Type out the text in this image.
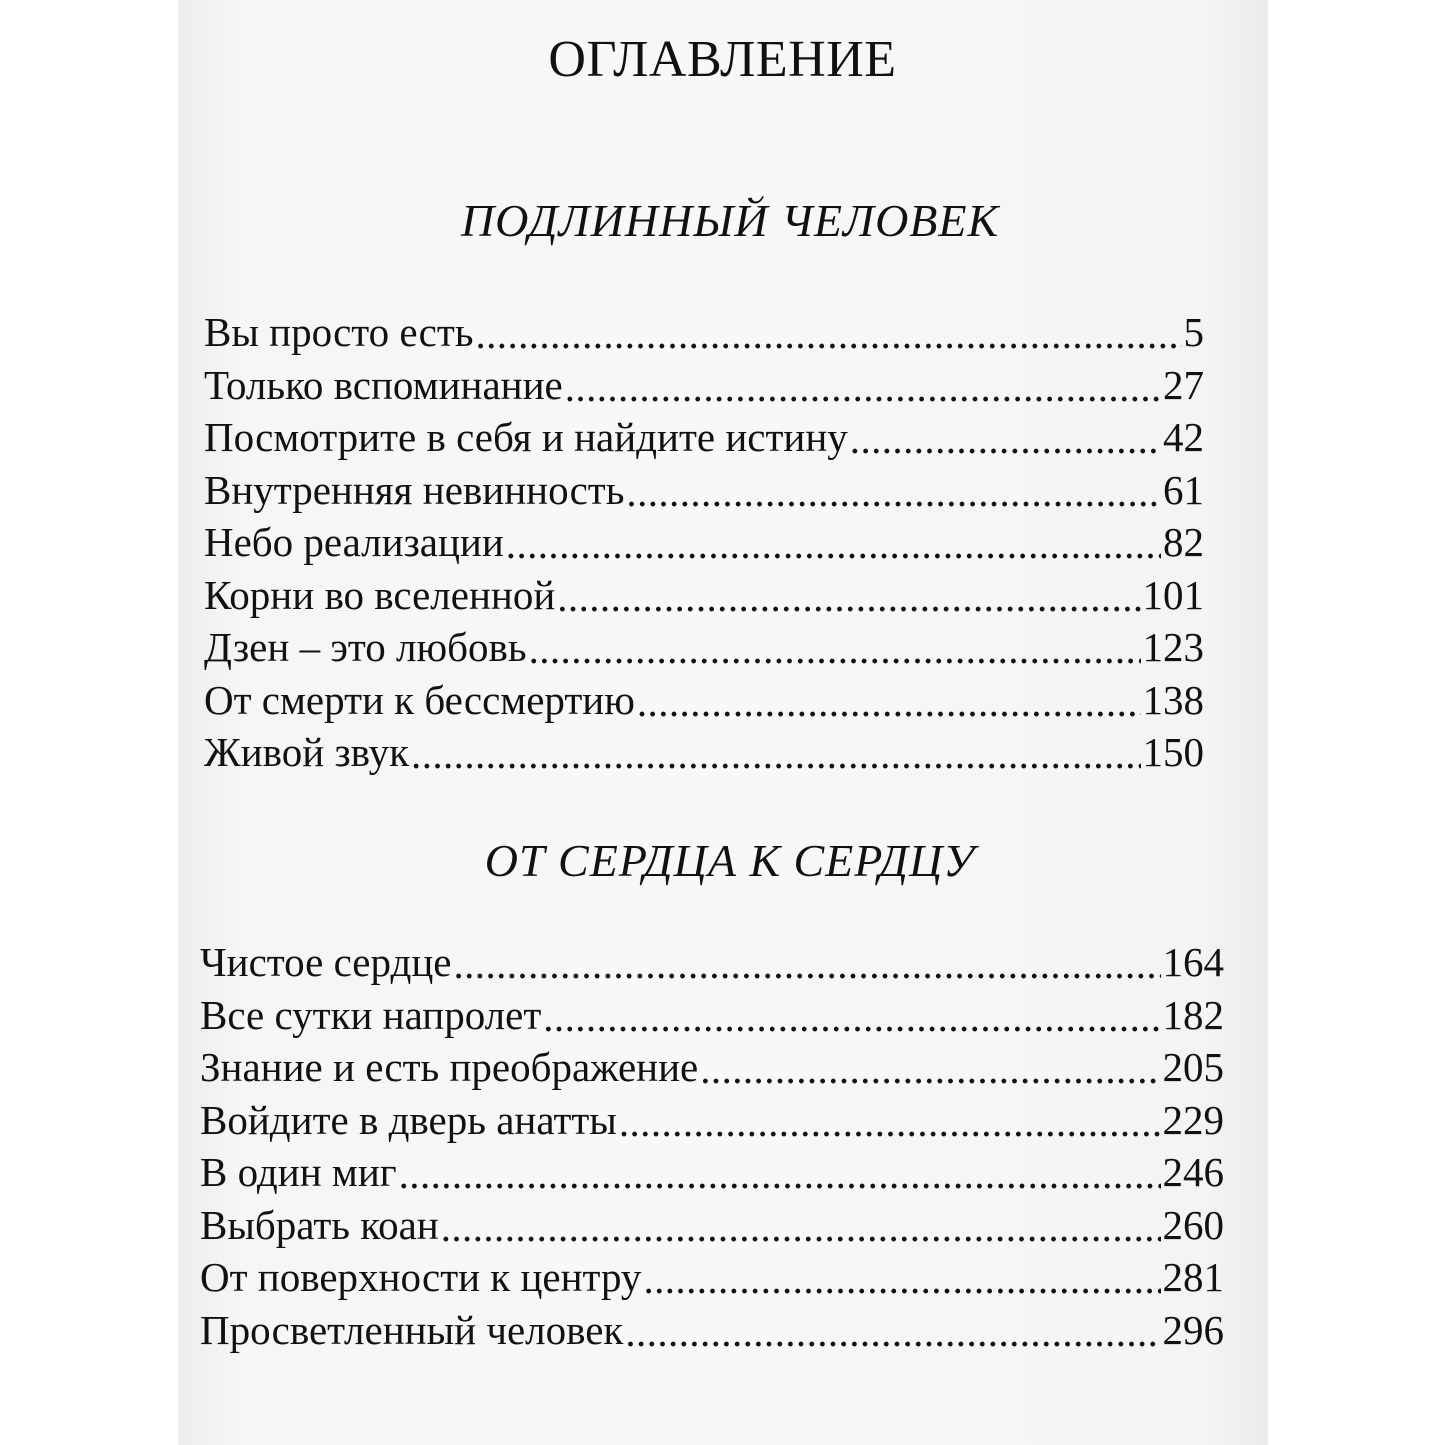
ОГЛАВЛЕНИЕ
ПОДЛИННЫЙ ЧЕЛОВЕК
Вы просто есть . . .	5
Только вспоминание . . .	27
Посмотрите в себя и найдите истину . . .	42
Внутренняя невинность . . .	61
Небо реализации . . .	82
Корни во вселенной . . .	101
Дзен – это любовь . . .	123
От смерти к бессмертию . . .	138
Живой звук . . .	150
ОТ СЕРДЦА К СЕРДЦУ
Чистое сердце . . .	164
Все сутки напролет . . .	182
Знание и есть преображение . . .	205
Войдите в дверь анатты . . .	229
В один миг . . .	246
Выбрать коан . . .	260
От поверхности к центру . . .	281
Просветленный человек . . .	296
